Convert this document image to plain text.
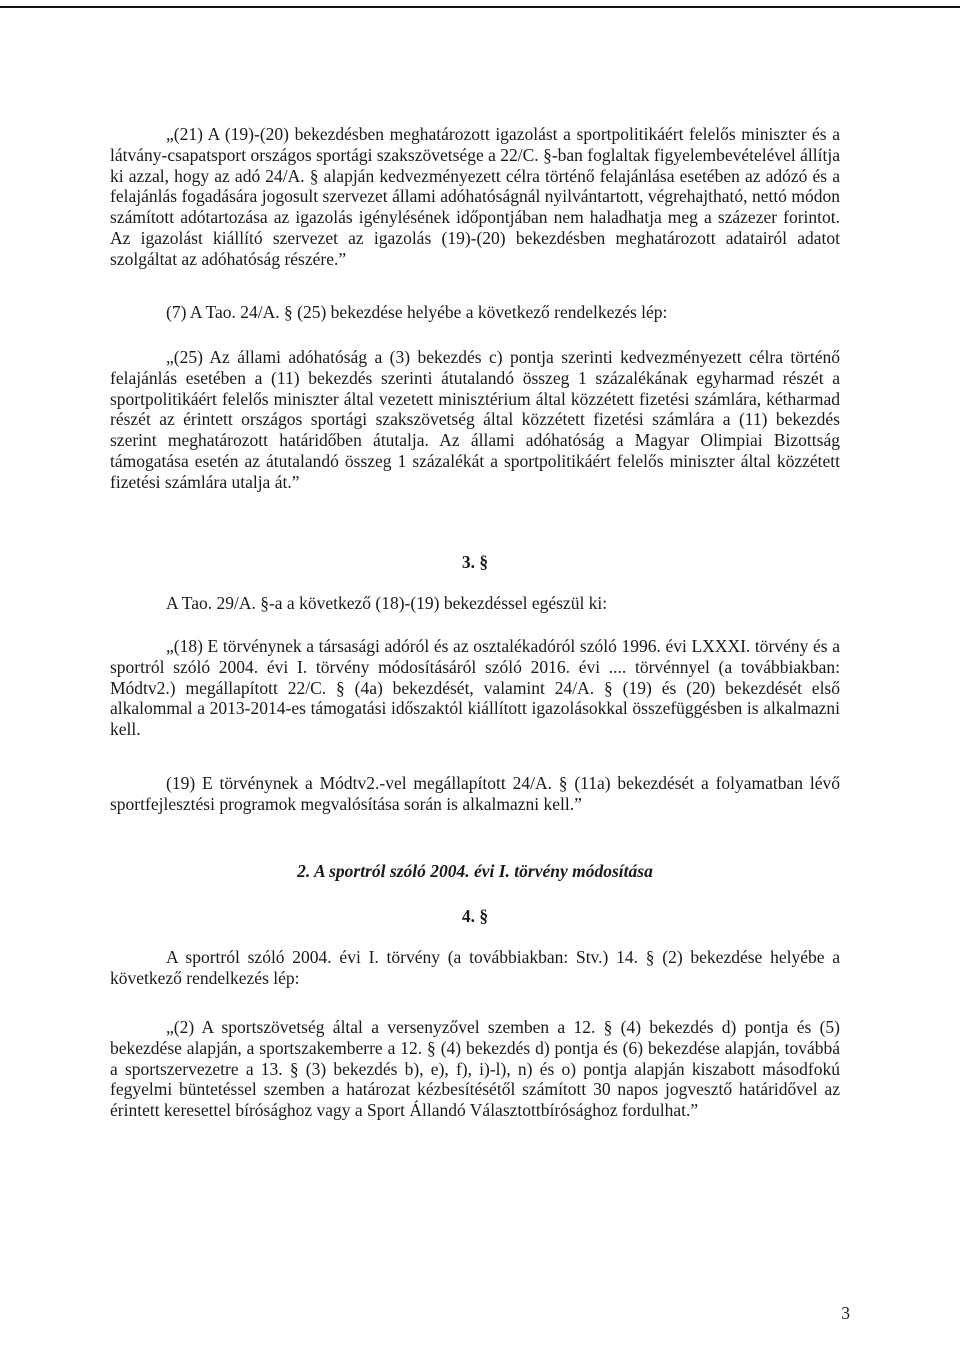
„(21) A (19)-(20) bekezdésben meghatározott igazolást a sportpolitikáért felelős miniszter és a látvány-csapatsport országos sportági szakszövetsége a 22/C. §-ban foglaltak figyelembevételével állítja ki azzal, hogy az adó 24/A. § alapján kedvezményezett célra történő felajánlása esetében az adózó és a felajánlás fogadására jogosult szervezet állami adóhatóságnál nyilvántartott, végrehajtható, nettó módon számított adótartozása az igazolás igénylésének időpontjában nem haladhatja meg a százezer forintot. Az igazolást kiállító szervezet az igazolás (19)-(20) bekezdésben meghatározott adatairól adatot szolgáltat az adóhatóság részére.”

(7) A Tao. 24/A. § (25) bekezdése helyébe a következő rendelkezés lép:

„(25) Az állami adóhatóság a (3) bekezdés c) pontja szerinti kedvezményezett célra történő felajánlás esetében a (11) bekezdés szerinti átutalandó összeg 1 százalékának egyharmad részét a sportpolitikáért felelős miniszter által vezetett minisztérium által közzétett fizetési számlára, kétharmad részét az érintett országos sportági szakszövetség által közzétett fizetési számlára a (11) bekezdés szerint meghatározott határidőben átutalja. Az állami adóhatóság a Magyar Olimpiai Bizottság támogatása esetén az átutalandó összeg 1 százalékát a sportpolitikáért felelős miniszter által közzétett fizetési számlára utalja át.”

3. §

A Tao. 29/A. §-a a következő (18)-(19) bekezdéssel egészül ki:

„(18) E törvénynek a társasági adóról és az osztalékadóról szóló 1996. évi LXXXI. törvény és a sportról szóló 2004. évi I. törvény módosításáról szóló 2016. évi .... törvénnyel (a továbbiakban: Módtv2.) megállapított 22/C. § (4a) bekezdését, valamint 24/A. § (19) és (20) bekezdését első alkalommal a 2013-2014-es támogatási időszaktól kiállított igazolásokkal összefüggésben is alkalmazni kell.

(19) E törvénynek a Módtv2.-vel megállapított 24/A. § (11a) bekezdését a folyamatban lévő sportfejlesztési programok megvalósítása során is alkalmazni kell.”

2. A sportról szóló 2004. évi I. törvény módosítása

4. §

A sportról szóló 2004. évi I. törvény (a továbbiakban: Stv.) 14. § (2) bekezdése helyébe a következő rendelkezés lép:

„(2) A sportszövetség által a versenyzővel szemben a 12. § (4) bekezdés d) pontja és (5) bekezdése alapján, a sportszakemberre a 12. § (4) bekezdés d) pontja és (6) bekezdése alapján, továbbá a sportszervezetre a 13. § (3) bekezdés b), e), f), i)-l), n) és o) pontja alapján kiszabott másodfokú fegyelmi büntetéssel szemben a határozat kézbesítésétől számított 30 napos jogvesztő határidővel az érintett keresettel bírósághoz vagy a Sport Állandó Választottbírósághoz fordulhat.”

3
